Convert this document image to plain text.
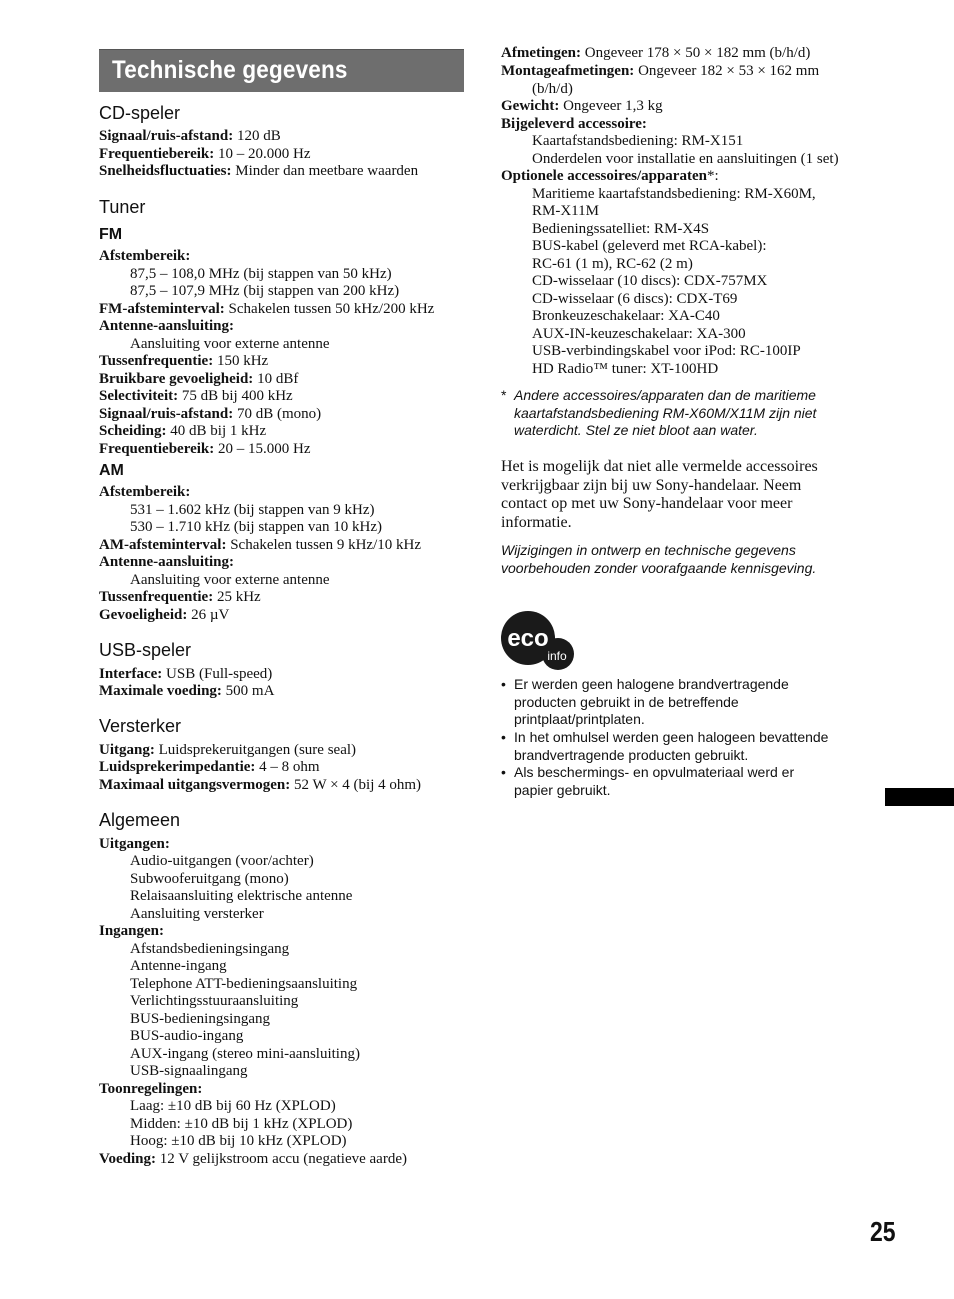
Technische gegevens
CD-speler
Signaal/ruis-afstand: 120 dB
Frequentiebereik: 10 – 20.000 Hz
Snelheidsfluctuaties: Minder dan meetbare waarden
Tuner
FM
Afstembereik:
87,5 – 108,0 MHz (bij stappen van 50 kHz)
87,5 – 107,9 MHz (bij stappen van 200 kHz)
FM-afsteminterval: Schakelen tussen 50 kHz/200 kHz
Antenne-aansluiting:
Aansluiting voor externe antenne
Tussenfrequentie: 150 kHz
Bruikbare gevoeligheid: 10 dBf
Selectiviteit: 75 dB bij 400 kHz
Signaal/ruis-afstand: 70 dB (mono)
Scheiding: 40 dB bij 1 kHz
Frequentiebereik: 20 – 15.000 Hz
AM
Afstembereik:
531 – 1.602 kHz (bij stappen van 9 kHz)
530 – 1.710 kHz (bij stappen van 10 kHz)
AM-afsteminterval: Schakelen tussen 9 kHz/10 kHz
Antenne-aansluiting:
Aansluiting voor externe antenne
Tussenfrequentie: 25 kHz
Gevoeligheid: 26 µV
USB-speler
Interface: USB (Full-speed)
Maximale voeding: 500 mA
Versterker
Uitgang: Luidsprekeruitgangen (sure seal)
Luidsprekerimpedantie: 4 – 8 ohm
Maximaal uitgangsvermogen: 52 W × 4 (bij 4 ohm)
Algemeen
Uitgangen:
Audio-uitgangen (voor/achter)
Subwooferuitgang (mono)
Relaisaansluiting elektrische antenne
Aansluiting versterker
Ingangen:
Afstandsbedieningsingang
Antenne-ingang
Telephone ATT-bedieningsaansluiting
Verlichtingsstuuraansluiting
BUS-bedieningsingang
BUS-audio-ingang
AUX-ingang (stereo mini-aansluiting)
USB-signaalingang
Toonregelingen:
Laag: ±10 dB bij 60 Hz (XPLOD)
Midden: ±10 dB bij 1 kHz (XPLOD)
Hoog: ±10 dB bij 10 kHz (XPLOD)
Voeding: 12 V gelijkstroom accu (negatieve aarde)
Afmetingen: Ongeveer 178 × 50 × 182 mm (b/h/d)
Montageafmetingen: Ongeveer 182 × 53 × 162 mm
(b/h/d)
Gewicht: Ongeveer 1,3 kg
Bijgeleverd accessoire:
Kaartafstandsbediening: RM-X151
Onderdelen voor installatie en aansluitingen (1 set)
Optionele accessoires/apparaten*:
Maritieme kaartafstandsbediening: RM-X60M,
RM-X11M
Bedieningssatelliet: RM-X4S
BUS-kabel (geleverd met RCA-kabel):
RC-61 (1 m), RC-62 (2 m)
CD-wisselaar (10 discs): CDX-757MX
CD-wisselaar (6 discs): CDX-T69
Bronkeuzeschakelaar: XA-C40
AUX-IN-keuzeschakelaar: XA-300
USB-verbindingskabel voor iPod: RC-100IP
HD Radio™ tuner: XT-100HD
* Andere accessoires/apparaten dan de maritieme
kaartafstandsbediening RM-X60M/X11M zijn niet
waterdicht. Stel ze niet bloot aan water.
Het is mogelijk dat niet alle vermelde accessoires
verkrijgbaar zijn bij uw Sony-handelaar. Neem
contact op met uw Sony-handelaar voor meer
informatie.
Wijzigingen in ontwerp en technische gegevens
voorbehouden zonder voorafgaande kennisgeving.
eco
info
• Er werden geen halogene brandvertragende
producten gebruikt in de betreffende
printplaat/printplaten.
• In het omhulsel werden geen halogeen bevattende
brandvertragende producten gebruikt.
• Als beschermings- en opvulmateriaal werd er
papier gebruikt.
25
